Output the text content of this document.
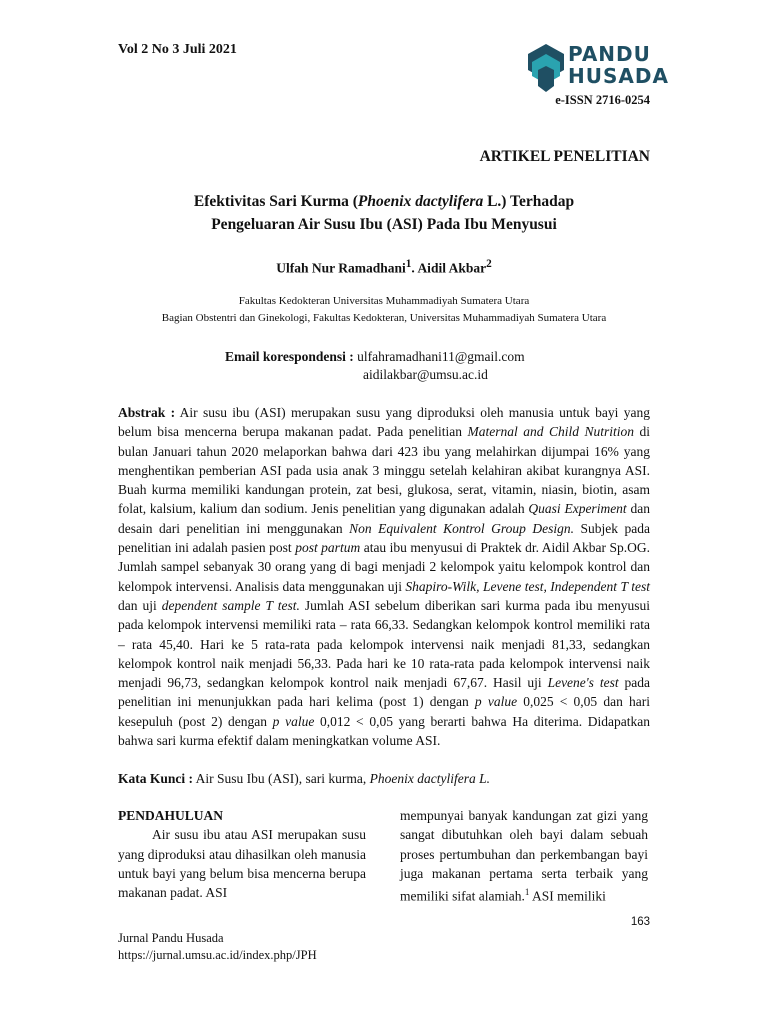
Vol 2 No 3 Juli 2021	PANDU
HUSADA
e-ISSN 2716-0254
ARTIKEL PENELITIAN
Efektivitas Sari Kurma (Phoenix dactylifera L.) Terhadap
Pengeluaran Air Susu Ibu (ASI) Pada Ibu Menyusui
Ulfah Nur Ramadhani$^1$. Aidil Akbar$^2$
Fakultas Kedokteran Universitas Muhammadiyah Sumatera Utara
Bagian Obstentri dan Ginekologi, Fakultas Kedokteran, Universitas Muhammadiyah Sumatera Utara
Email korespondensi : ulfahramadhani11@gmail.com
aidilakbar@umsu.ac.id
Abstrak : Air susu ibu (ASI) merupakan susu yang diproduksi oleh manusia untuk bayi yang belum bisa mencerna berupa makanan padat. Pada penelitian Maternal and Child Nutrition di bulan Januari tahun 2020 melaporkan bahwa dari 423 ibu yang melahirkan dijumpai 16% yang menghentikan pemberian ASI pada usia anak 3 minggu setelah kelahiran akibat kurangnya ASI. Buah kurma memiliki kandungan protein, zat besi, glukosa, serat, vitamin, niasin, biotin, asam folat, kalsium, kalium dan sodium. Jenis penelitian yang digunakan adalah Quasi Experiment dan desain dari penelitian ini menggunakan Non Equivalent Kontrol Group Design. Subjek pada penelitian ini adalah pasien post post partum atau ibu menyusui di Praktek dr. Aidil Akbar Sp.OG. Jumlah sampel sebanyak 30 orang yang di bagi menjadi 2 kelompok yaitu kelompok kontrol dan kelompok intervensi. Analisis data menggunakan uji Shapiro-Wilk, Levene test, Independent T test dan uji dependent sample T test. Jumlah ASI sebelum diberikan sari kurma pada ibu menyusui pada kelompok intervensi memiliki rata – rata 66,33. Sedangkan kelompok kontrol memiliki rata – rata 45,40. Hari ke 5 rata-rata pada kelompok intervensi naik menjadi 81,33, sedangkan kelompok kontrol naik menjadi 56,33. Pada hari ke 10 rata-rata pada kelompok intervensi naik menjadi 96,73, sedangkan kelompok kontrol naik menjadi 67,67. Hasil uji Levene's test pada penelitian ini menunjukkan pada hari kelima (post 1) dengan p value 0,025 < 0,05 dan hari kesepuluh (post 2) dengan p value 0,012 < 0,05 yang berarti bahwa Ha diterima. Didapatkan bahwa sari kurma efektif dalam meningkatkan volume ASI.
Kata Kunci : Air Susu Ibu (ASI), sari kurma, Phoenix dactylifera L.
PENDAHULUAN
Air susu ibu atau ASI merupakan susu yang diproduksi atau dihasilkan oleh manusia untuk bayi yang belum bisa mencerna berupa makanan padat. ASI
mempunyai banyak kandungan zat gizi yang sangat dibutuhkan oleh bayi dalam sebuah proses pertumbuhan dan perkembangan bayi juga makanan pertama serta terbaik yang memiliki sifat alamiah.$^1$ ASI memiliki
163
Jurnal Pandu Husada
https://jurnal.umsu.ac.id/index.php/JPH
